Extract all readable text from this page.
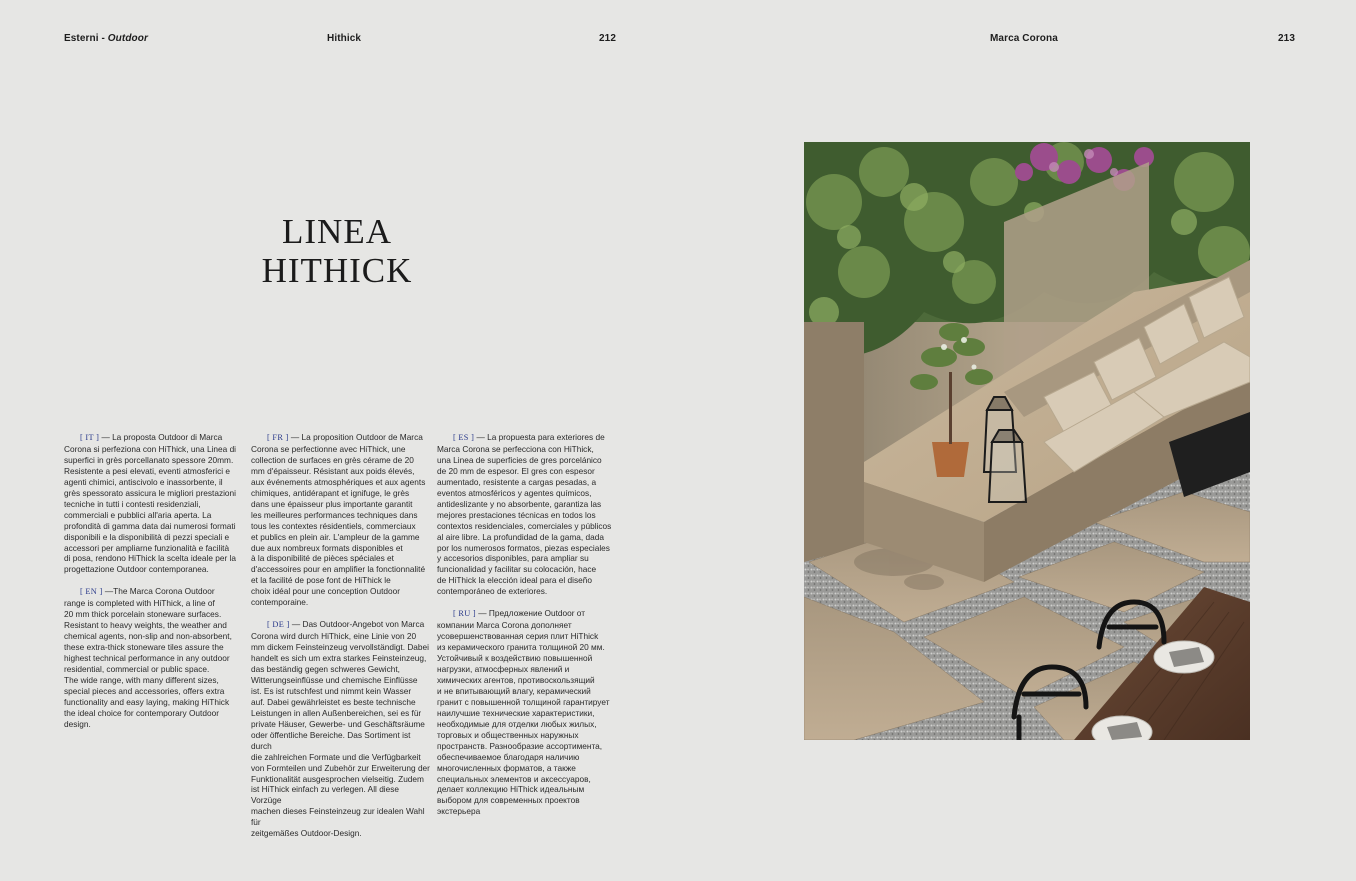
Esterni - Outdoor	Hithick	212	Marca Corona	213
LINEA
HITHICK
[ IT ] — La proposta Outdoor di Marca
Corona si perfeziona con HiThick, una Linea di
superfici in grès porcellanato spessore 20mm.
Resistente a pesi elevati, eventi atmosferici e
agenti chimici, antiscivolo e inassorbente, il
grès spessorato assicura le migliori prestazioni
tecniche in tutti i contesti residenziali,
commerciali e pubblici all'aria aperta. La
profondità di gamma data dai numerosi formati
disponibili e la disponibilità di pezzi speciali e
accessori per ampliarne funzionalità e facilità
di posa, rendono HiThick la scelta ideale per la
progettazione Outdoor contemporanea.
[ EN ] —The Marca Corona Outdoor
range is completed with HiThick, a line of
20 mm thick porcelain stoneware surfaces.
Resistant to heavy weights, the weather and
chemical agents, non-slip and non-absorbent,
these extra-thick stoneware tiles assure the
highest technical performance in any outdoor
residential, commercial or public space.
The wide range, with many different sizes,
special pieces and accessories, offers extra
functionality and easy laying, making HiThick
the ideal choice for contemporary Outdoor
design.
[ FR ] — La proposition Outdoor de Marca
Corona se perfectionne avec HiThick, une
collection de surfaces en grès cérame de 20
mm d'épaisseur. Résistant aux poids élevés,
aux événements atmosphériques et aux agents
chimiques, antidérapant et ignifuge, le grès
dans une épaisseur plus importante garantit
les meilleures performances techniques dans
tous les contextes résidentiels, commerciaux
et publics en plein air. L'ampleur de la gamme
due aux nombreux formats disponibles et
à la disponibilité de pièces spéciales et
d'accessoires pour en amplifier la fonctionnalité
et la facilité de pose font de HiThick le
choix idéal pour une conception Outdoor
contemporaine.
[ DE ] — Das Outdoor-Angebot von Marca
Corona wird durch HiThick, eine Linie von 20
mm dickem Feinsteinzeug vervollständigt. Dabei
handelt es sich um extra starkes Feinsteinzeug,
das beständig gegen schweres Gewicht,
Witterungseinflüsse und chemische Einflüsse
ist. Es ist rutschfest und nimmt kein Wasser
auf. Dabei gewährleistet es beste technische
Leistungen in allen Außenbereichen, sei es für
private Häuser, Gewerbe- und Geschäftsräume
oder öffentliche Bereiche. Das Sortiment ist durch
die zahlreichen Formate und die Verfügbarkeit
von Formteilen und Zubehör zur Erweiterung der
Funktionalität ausgesprochen vielseitig. Zudem
ist HiThick einfach zu verlegen. All diese Vorzüge
machen dieses Feinsteinzeug zur idealen Wahl für
zeitgemäßes Outdoor-Design.
[ ES ] — La propuesta para exteriores de
Marca Corona se perfecciona con HiThick,
una Linea de superficies de gres porcelánico
de 20 mm de espesor. El gres con espesor
aumentado, resistente a cargas pesadas, a
eventos atmosféricos y agentes químicos,
antideslizante y no absorbente, garantiza las
mejores prestaciones técnicas en todos los
contextos residenciales, comerciales y públicos
al aire libre. La profundidad de la gama, dada
por los numerosos formatos, piezas especiales
y accesorios disponibles, para ampliar su
funcionalidad y facilitar su colocación, hace
de HiThick la elección ideal para el diseño
contemporáneo de exteriores.
[ RU ] — Предложение Outdoor от
компании Marca Corona дополняет
усовершенствованная серия плит HiThick
из керамического гранита толщиной 20 мм.
Устойчивый к воздействию повышенной
нагрузки, атмосферных явлений и
химических агентов, противоскользящий
и не впитывающий влагу, керамический
гранит с повышенной толщиной гарантирует
наилучшие технические характеристики,
необходимые для отделки любых жилых,
торговых и общественных наружных
пространств. Разнообразие ассортимента,
обеспечиваемое благодаря наличию
многочисленных форматов, а также
специальных элементов и аксессуаров,
делает коллекцию HiThick идеальным
выбором для современных проектов
экстерьера
